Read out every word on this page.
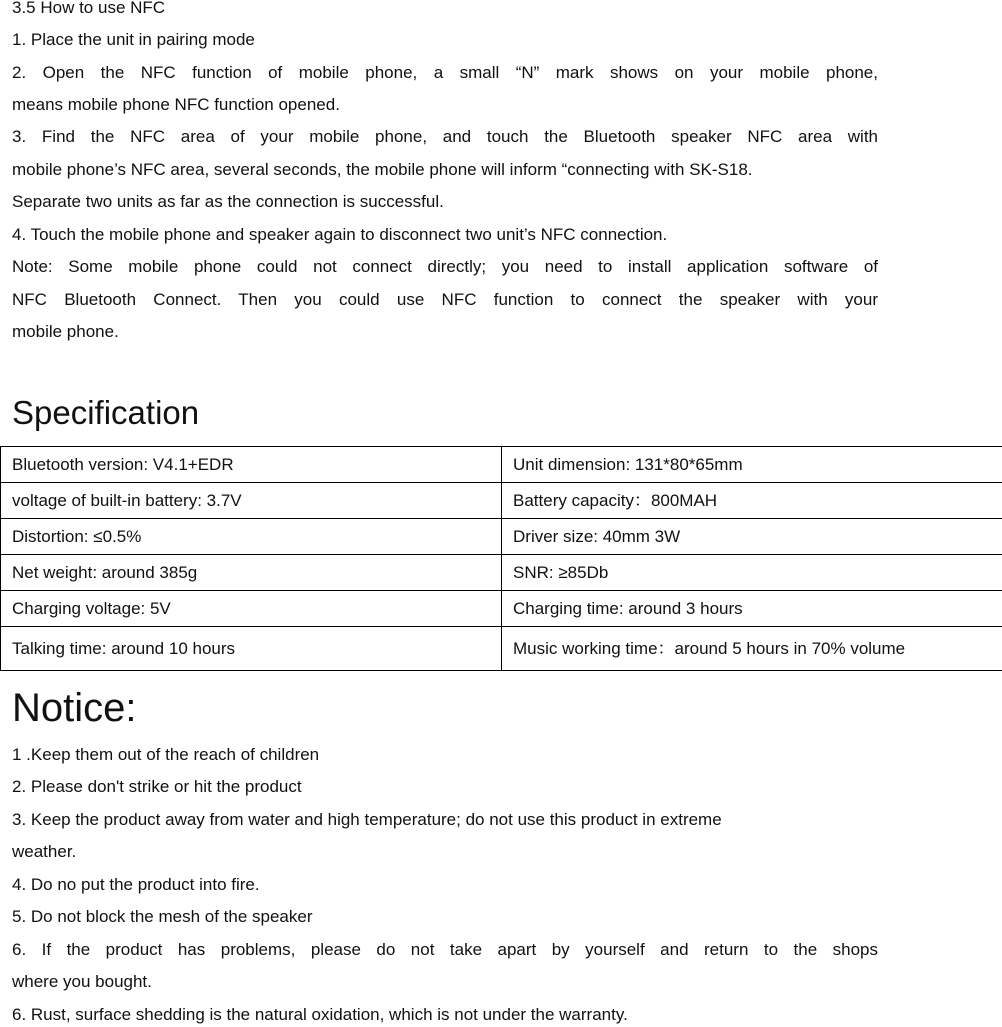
3.5 How to use NFC
1. Place the unit in pairing mode
2. Open the NFC function of mobile phone, a small “N” mark shows on your mobile phone,
means mobile phone NFC function opened.
3. Find the NFC area of your mobile phone, and touch the Bluetooth speaker NFC area with
mobile phone’s NFC area, several seconds, the mobile phone will inform “connecting with SK-S18.
Separate two units as far as the connection is successful.
4. Touch the mobile phone and speaker again to disconnect two unit’s NFC connection.
Note: Some mobile phone could not connect directly; you need to install application software of
NFC Bluetooth Connect. Then you could use NFC function to connect the speaker with your
mobile phone.
Specification
Bluetooth version: V4.1+EDR	Unit dimension: 131*80*65mm
voltage of built-in battery: 3.7V	Battery capacity：800MAH
Distortion: ≤0.5%	Driver size: 40mm 3W
Net weight: around 385g	SNR: ≥85Db
Charging voltage: 5V	Charging time: around 3 hours
Talking time: around 10 hours	Music working time：around 5 hours in 70% volume
Notice:
1 .Keep them out of the reach of children
2. Please don't strike or hit the product
3. Keep the product away from water and high temperature; do not use this product in extreme
weather.
4. Do no put the product into fire.
5. Do not block the mesh of the speaker
6. If the product has problems, please do not take apart by yourself and return to the shops
where you bought.
6. Rust, surface shedding is the natural oxidation, which is not under the warranty.
